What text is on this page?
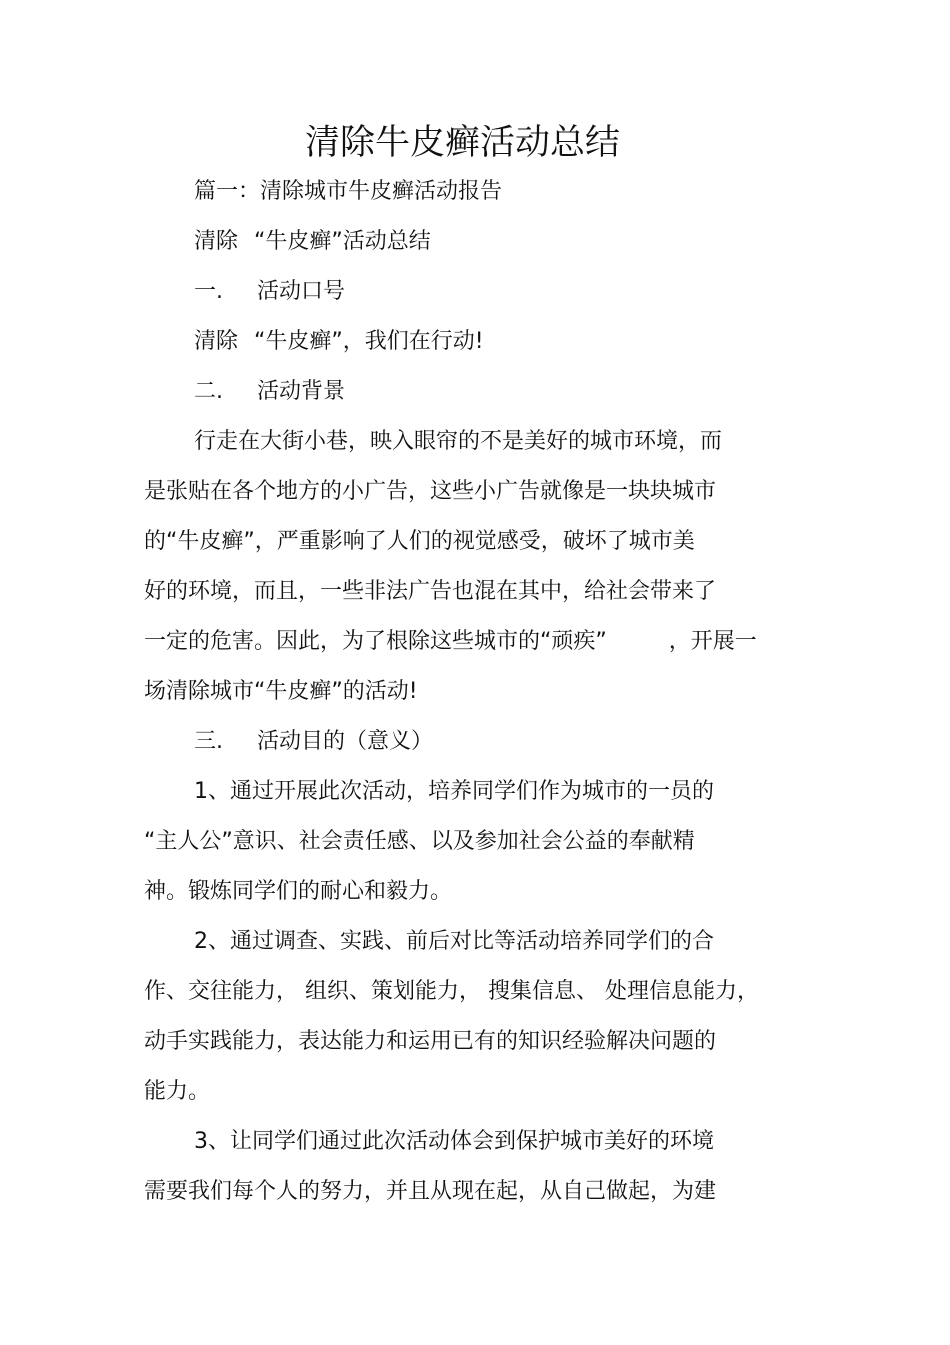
清除牛皮癣活动总结
篇一：清除城市牛皮癣活动报告
清除 “牛皮癣”活动总结
一. 活动口号
清除 “牛皮癣”，我们在行动!
二. 活动背景
行走在大街小巷，映入眼帘的不是美好的城市环境，而
是张贴在各个地方的小广告，这些小广告就像是一块块城市
的“牛皮癣”，严重影响了人们的视觉感受，破坏了城市美
好的环境，而且，一些非法广告也混在其中，给社会带来了
一定的危害。因此，为了根除这些城市的“顽疾”	，开展一
场清除城市“牛皮癣”的活动!
三. 活动目的（意义）
1、通过开展此次活动，培养同学们作为城市的一员的
“主人公”意识、社会责任感、以及参加社会公益的奉献精
神。锻炼同学们的耐心和毅力。
2、通过调查、实践、前后对比等活动培养同学们的合
作、交往能力， 组织、策划能力， 搜集信息、 处理信息能力，
动手实践能力，表达能力和运用已有的知识经验解决问题的
能力。
3、让同学们通过此次活动体会到保护城市美好的环境
需要我们每个人的努力，并且从现在起，从自己做起，为建
